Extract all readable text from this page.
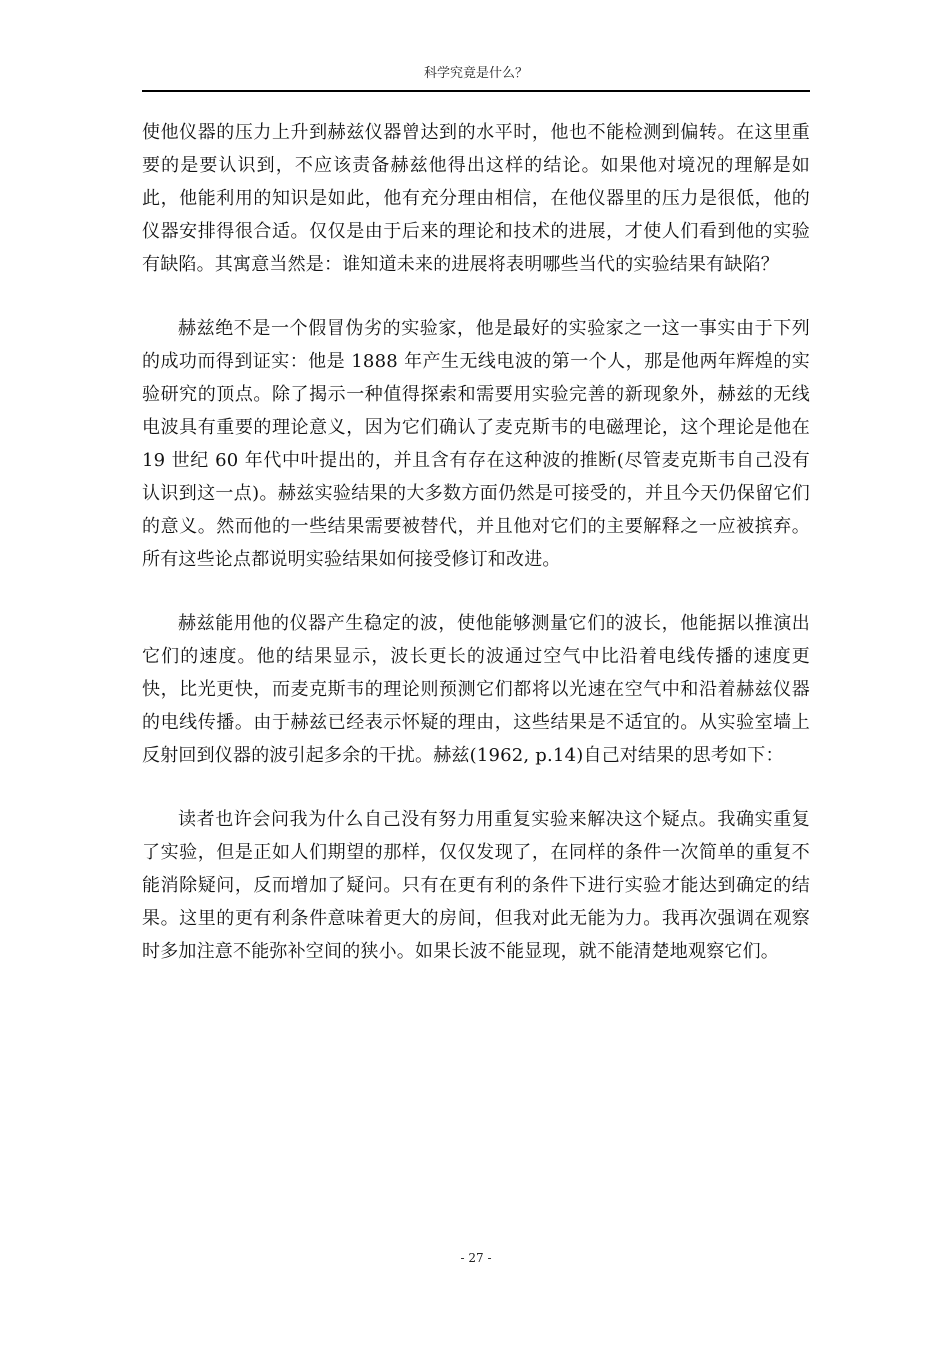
科学究竟是什么？

使他仪器的压力上升到赫兹仪器曾达到的水平时，他也不能检测到偏转。在这里重要的是要认识到，不应该责备赫兹他得出这样的结论。如果他对境况的理解是如此，他能利用的知识是如此，他有充分理由相信，在他仪器里的压力是很低，他的仪器安排得很合适。仅仅是由于后来的理论和技术的进展，才使人们看到他的实验有缺陷。其寓意当然是：谁知道未来的进展将表明哪些当代的实验结果有缺陷？

赫兹绝不是一个假冒伪劣的实验家，他是最好的实验家之一这一事实由于下列的成功而得到证实：他是 1888 年产生无线电波的第一个人，那是他两年辉煌的实验研究的顶点。除了揭示一种值得探索和需要用实验完善的新现象外，赫兹的无线电波具有重要的理论意义，因为它们确认了麦克斯韦的电磁理论，这个理论是他在 19 世纪 60 年代中叶提出的，并且含有存在这种波的推断(尽管麦克斯韦自己没有认识到这一点)。赫兹实验结果的大多数方面仍然是可接受的，并且今天仍保留它们的意义。然而他的一些结果需要被替代，并且他对它们的主要解释之一应被摈弃。所有这些论点都说明实验结果如何接受修订和改进。

赫兹能用他的仪器产生稳定的波，使他能够测量它们的波长，他能据以推演出它们的速度。他的结果显示，波长更长的波通过空气中比沿着电线传播的速度更快，比光更快，而麦克斯韦的理论则预测它们都将以光速在空气中和沿着赫兹仪器的电线传播。由于赫兹已经表示怀疑的理由，这些结果是不适宜的。从实验室墙上反射回到仪器的波引起多余的干扰。赫兹(1962, p.14)自己对结果的思考如下：

读者也许会问我为什么自己没有努力用重复实验来解决这个疑点。我确实重复了实验，但是正如人们期望的那样，仅仅发现了，在同样的条件一次简单的重复不能消除疑问，反而增加了疑问。只有在更有利的条件下进行实验才能达到确定的结果。这里的更有利条件意味着更大的房间，但我对此无能为力。我再次强调在观察时多加注意不能弥补空间的狭小。如果长波不能显现，就不能清楚地观察它们。

- 27 -
